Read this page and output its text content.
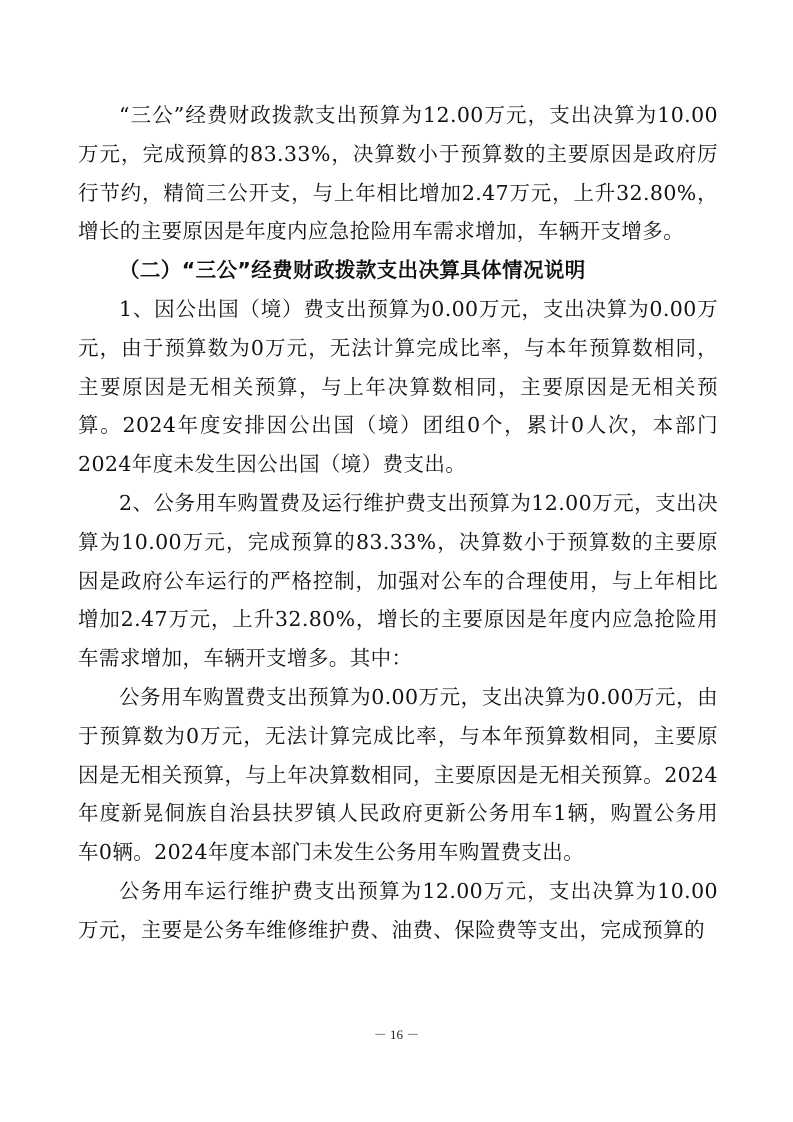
“三公”经费财政拨款支出预算为12.00万元，支出决算为10.00万元，完成预算的83.33%，决算数小于预算数的主要原因是政府厉行节约，精简三公开支，与上年相比增加2.47万元，上升32.80%，增长的主要原因是年度内应急抢险用车需求增加，车辆开支增多。

（二）“三公”经费财政拨款支出决算具体情况说明

1、因公出国（境）费支出预算为0.00万元，支出决算为0.00万元，由于预算数为0万元，无法计算完成比率，与本年预算数相同，主要原因是无相关预算，与上年决算数相同，主要原因是无相关预算。2024年度安排因公出国（境）团组0个，累计0人次，本部门2024年度未发生因公出国（境）费支出。

2、公务用车购置费及运行维护费支出预算为12.00万元，支出决算为10.00万元，完成预算的83.33%，决算数小于预算数的主要原因是政府公车运行的严格控制，加强对公车的合理使用，与上年相比增加2.47万元，上升32.80%，增长的主要原因是年度内应急抢险用车需求增加，车辆开支增多。其中：

公务用车购置费支出预算为0.00万元，支出决算为0.00万元，由于预算数为0万元，无法计算完成比率，与本年预算数相同，主要原因是无相关预算，与上年决算数相同，主要原因是无相关预算。2024年度新晃侗族自治县扶罗镇人民政府更新公务用车1辆，购置公务用车0辆。2024年度本部门未发生公务用车购置费支出。

公务用车运行维护费支出预算为12.00万元，支出决算为10.00万元，主要是公务车维修维护费、油费、保险费等支出，完成预算的

－ 16 －
